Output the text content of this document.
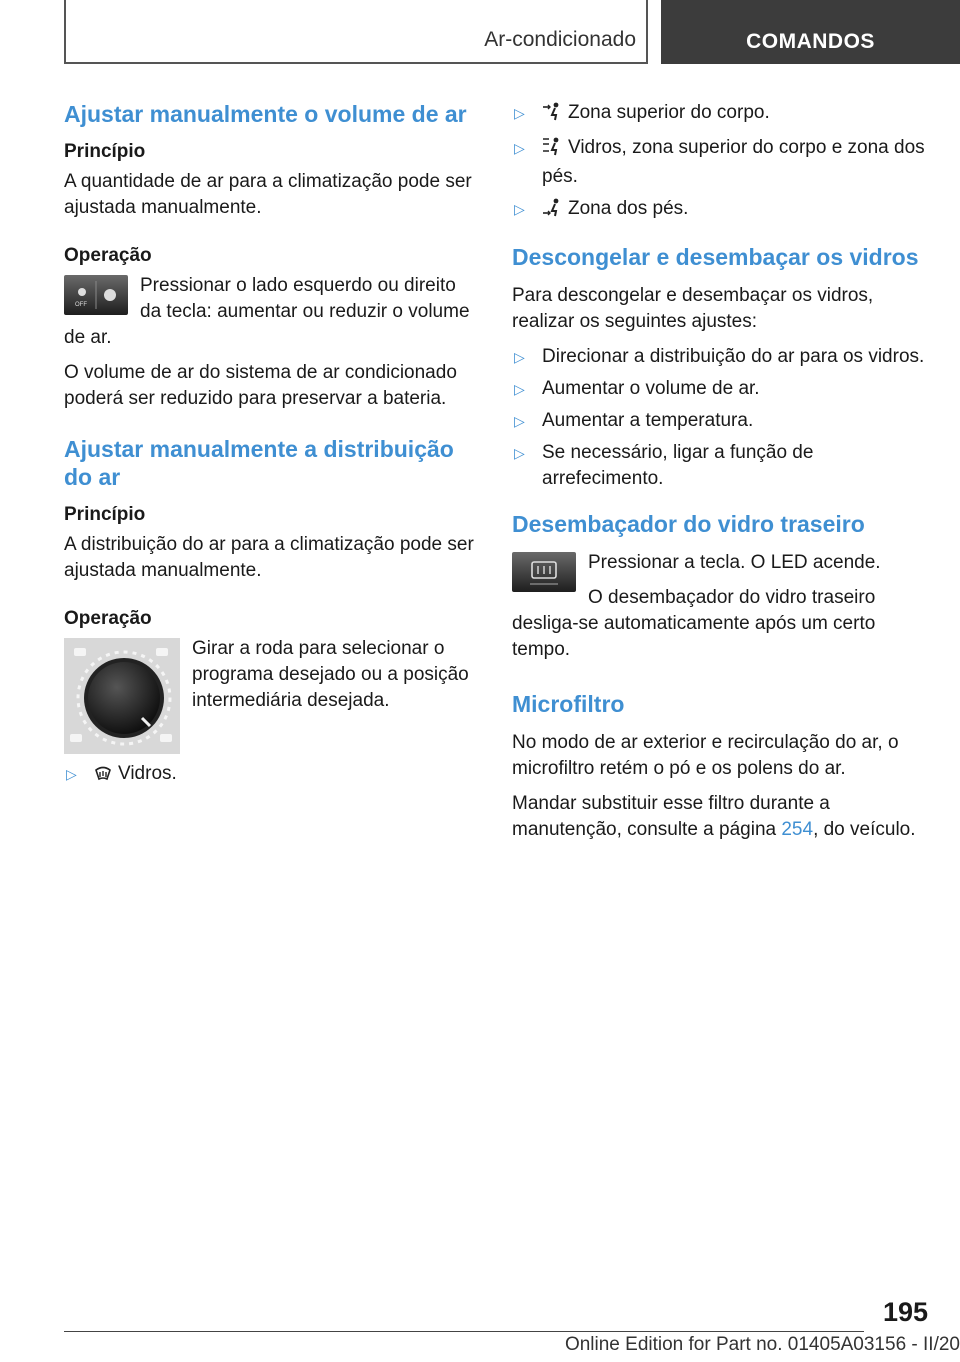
Ar-condicionado	COMANDOS
Ajustar manualmente o volume de ar
Princípio

A quantidade de ar para a climatização pode ser ajustada manualmente.

Operação
OFF

Pressionar o lado esquerdo ou direito da tecla: aumentar ou reduzir o volume de ar.

O volume de ar do sistema de ar condicionado poderá ser reduzido para preservar a bateria.

Ajustar manualmente a distribuição do ar
Princípio

A distribuição do ar para a climatização pode ser ajustada manualmente.

Operação

Girar a roda para selecionar o programa desejado ou a posição intermediária desejada.

▷ Vidros.
▷ Zona superior do corpo.
▷ Vidros, zona superior do corpo e zona dos pés.
▷ Zona dos pés.
Descongelar e desembaçar os vidros

Para descongelar e desembaçar os vidros, realizar os seguintes ajustes:

▷ Direcionar a distribuição do ar para os vidros.
▷ Aumentar o volume de ar.
▷ Aumentar a temperatura.
▷ Se necessário, ligar a função de arrefecimento.
Desembaçador do vidro traseiro

Pressionar a tecla. O LED acende.

O desembaçador do vidro traseiro desliga-se automaticamente após um certo tempo.

Microfiltro

No modo de ar exterior e recirculação do ar, o microfiltro retém o pó e os polens do ar.

Mandar substituir esse filtro durante a manutenção, consulte a página 254, do veículo.

195
Online Edition for Part no. 01405A03156 - II/20
